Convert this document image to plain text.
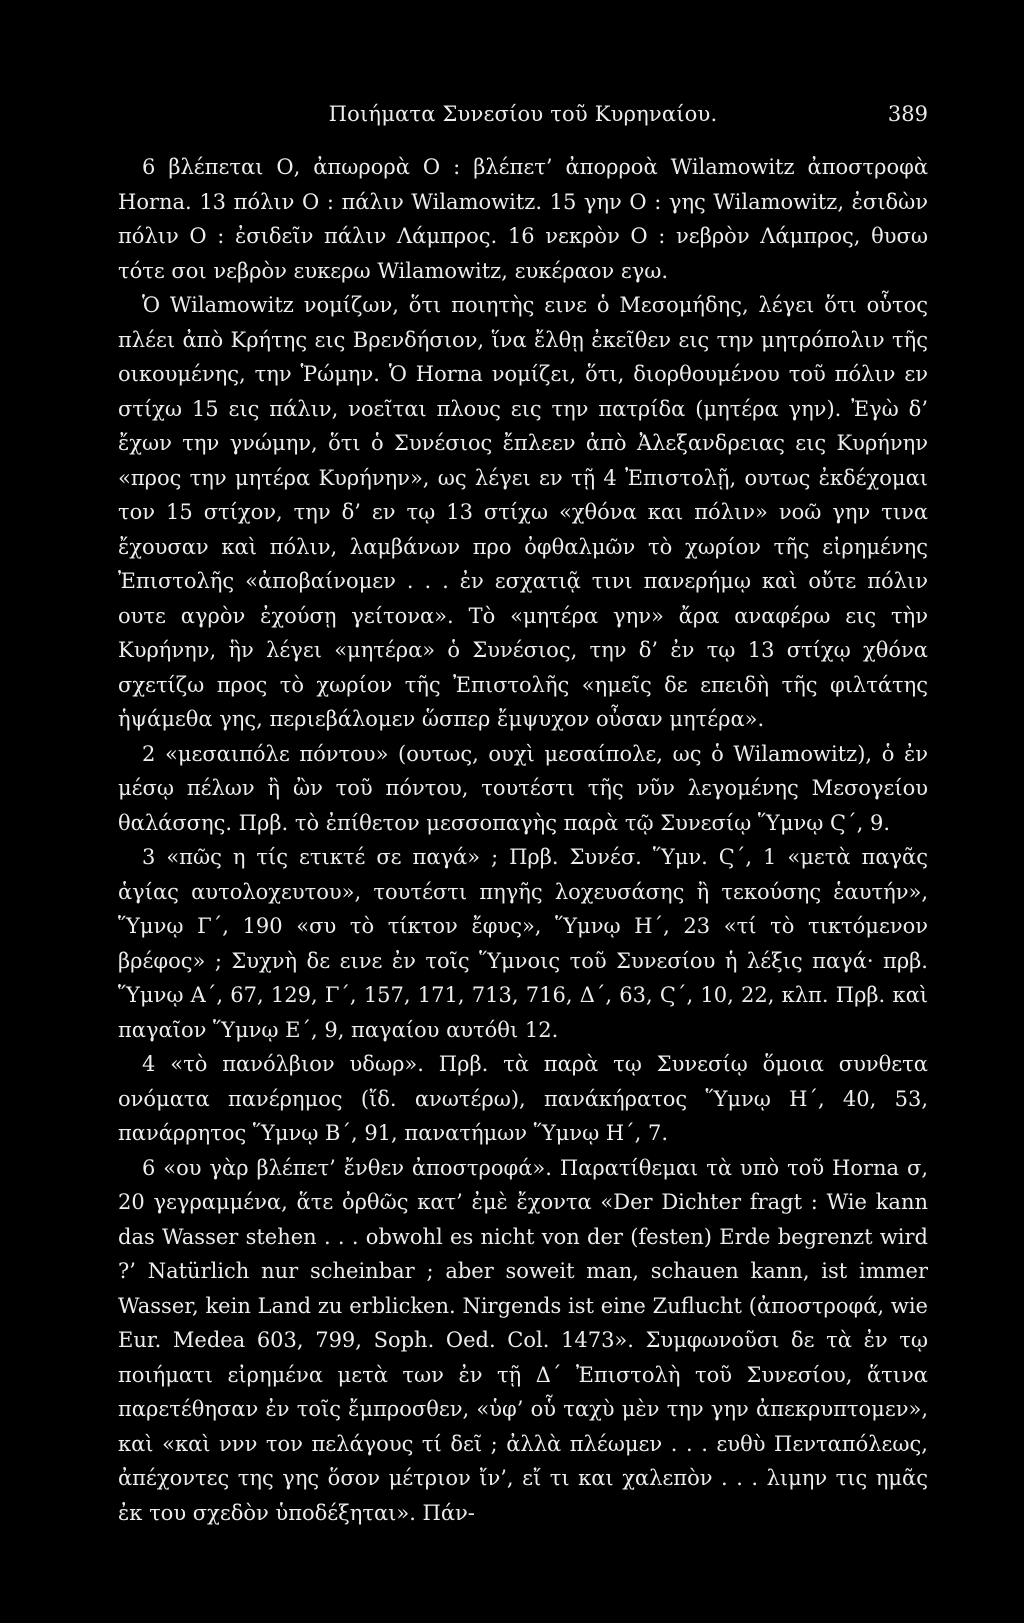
Ποιήματα Συνεσίου τοῦ Κυρηναίου.	389

6 βλέπεται Ο, ἀπωρορὰ Ο : βλέπετ’ ἀπορροὰ Wilamowitz ἀποστροφὰ Horna. 13 πόλιν Ο : πάλιν Wilamowitz. 15 γην Ο : γης Wilamowitz, ἐσιδὼν πόλιν Ο : ἐσιδεῖν πάλιν Λάμπρος. 16 νεκρὸν Ο : νεβρὸν Λάμπρος, θυσω τότε σοι νεβρὸν ευκερω Wilamowitz, ευκέραον εγω.

Ὁ Wilamowitz νομίζων, ὅτι ποιητὴς εινε ὁ Μεσομήδης, λέγει ὅτι οὗτος πλέει ἀπὸ Κρήτης εις Βρενδήσιον, ἵνα ἔλθῃ ἐκεῖθεν εις την μητρόπολιν τῆς οικουμένης, την Ῥώμην. Ὁ Horna νομίζει, ὅτι, διορθουμένου τοῦ πόλιν εν στίχω 15 εις πάλιν, νοεῖται πλους εις την πατρίδα (μητέρα γην). Ἐγὼ δ’ ἔχων την γνώμην, ὅτι ὁ Συνέσιος ἔπλεεν ἀπὸ Ἀλεξανδρειας εις Κυρήνην «προς την μητέρα Κυρήνην», ως λέγει εν τῇ 4 Ἐπιστολῇ, ουτως ἐκδέχομαι τον 15 στίχον, την δ’ εν τῳ 13 στίχω «χθόνα και πόλιν» νοῶ γην τινα ἔχουσαν καὶ πόλιν, λαμβάνων προ ὀφθαλμῶν τὸ χωρίον τῆς εἰρημένης Ἐπιστολῆς «ἀποβαίνομεν . . . ἐν εσχατιᾷ τινι πανερήμῳ καὶ οὔτε πόλιν ουτε αγρὸν ἐχούσῃ γείτονα». Τὸ «μητέρα γην» ἄρα αναφέρω εις τὴν Κυρήνην, ἣν λέγει «μητέρα» ὁ Συνέσιος, την δ’ ἐν τῳ 13 στίχῳ χθόνα σχετίζω προς τὸ χωρίον τῆς Ἐπιστολῆς «ημεῖς δε επειδὴ τῆς φιλτάτης ἡψάμεθα γης, περιεβάλομεν ὥσπερ ἔμψυχον οὖσαν μητέρα».

2 «μεσαιπόλε πόντου» (ουτως, ουχὶ μεσαίπολε, ως ὁ Wilamowitz), ὁ ἐν μέσῳ πέλων ἢ ὢν τοῦ πόντου, τουτέστι τῆς νῦν λεγομένης Μεσογείου θαλάσσης. Πρβ. τὸ ἐπίθετον μεσσοπαγὴς παρὰ τῷ Συνεσίῳ Ὕμνῳ Ϛ΄, 9.

3 «πῶς η τίς ετικτέ σε παγά» ; Πρβ. Συνέσ. Ὕμν. Ϛ΄, 1 «μετὰ παγᾶς ἁγίας αυτολοχευτου», τουτέστι πηγῆς λοχευσάσης ἢ τεκούσης ἑαυτήν», Ὕμνῳ Γ΄, 190 «συ τὸ τίκτον ἔφυς», Ὕμνῳ Η΄, 23 «τί τὸ τικτόμενον βρέφος» ; Συχνὴ δε εινε ἐν τοῖς Ὕμνοις τοῦ Συνεσίου ἡ λέξις παγά· πρβ. Ὕμνῳ Α΄, 67, 129, Γ΄, 157, 171, 713, 716, Δ΄, 63, Ϛ΄, 10, 22, κλπ. Πρβ. καὶ παγαῖον Ὕμνῳ Ε΄, 9, παγαίου αυτόθι 12.

4 «τὸ πανόλβιον υδωρ». Πρβ. τὰ παρὰ τῳ Συνεσίῳ ὅμοια συνθετα ονόματα πανέρημος (ἴδ. ανωτέρω), πανάκήρατος Ὕμνῳ Η΄, 40, 53, πανάρρητος Ὕμνῳ Β΄, 91, πανατήμων Ὕμνῳ Η΄, 7.

6 «ου γὰρ βλέπετ’ ἔνθεν ἀποστροφά». Παρατίθεμαι τὰ υπὸ τοῦ Horna σ, 20 γεγραμμένα, ἅτε ὀρθῶς κατ’ ἐμὲ ἔχοντα «Der Dichter fragt : Wie kann das Wasser stehen . . . obwohl es nicht von der (festen) Erde begrenzt wird ?’ Natürlich nur scheinbar ; aber soweit man, schauen kann, ist immer Wasser, kein Land zu erblicken. Nirgends ist eine Zuflucht (ἀποστροφά, wie Eur. Medea 603, 799, Soph. Oed. Col. 1473». Συμφωνοῦσι δε τὰ ἐν τῳ ποιήματι εἰρημένα μετὰ των ἐν τῇ Δ΄ Ἐπιστολὴ τοῦ Συνεσίου, ἅτινα παρετέθησαν ἐν τοῖς ἔμπροσθεν, «ὑφ’ οὗ ταχὺ μὲν την γην ἀπεκρυπτομεν», καὶ «καὶ ννν τον πελάγους τί δεῖ ; ἀλλὰ πλέωμεν . . . ευθὺ Πενταπόλεως, ἀπέχοντες της γης ὅσον μέτριον ἴν’, εἴ τι και χαλεπὸν . . . λιμην τις ημᾶς ἐκ του σχεδὸν ὑποδέξηται». Πάν-
